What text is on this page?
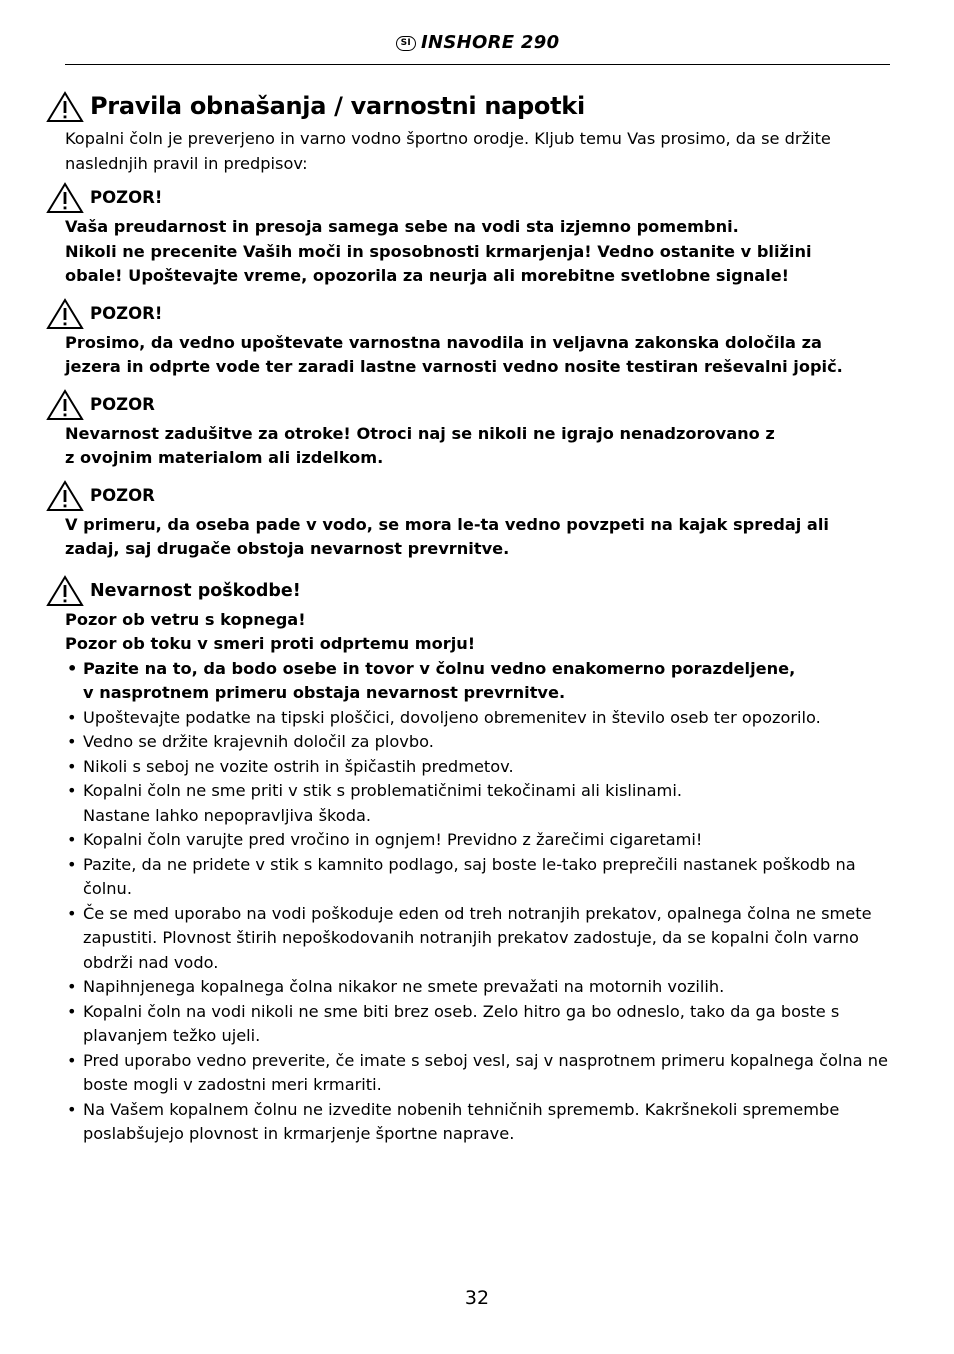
SI INSHORE 290
Pravila obnašanja / varnostni napotki

Kopalni čoln je preverjeno in varno vodno športno orodje. Kljub temu Vas prosimo, da se držite
naslednjih pravil in predpisov:

POZOR!

Vaša preudarnost in presoja samega sebe na vodi sta izjemno pomembni.
Nikoli ne precenite Vaših moči in sposobnosti krmarjenja! Vedno ostanite v bližini
obale! Upoštevajte vreme, opozorila za neurja ali morebitne svetlobne signale!

POZOR!

Prosimo, da vedno upoštevate varnostna navodila in veljavna zakonska določila za
jezera in odprte vode ter zaradi lastne varnosti vedno nosite testiran reševalni jopič.

POZOR

Nevarnost zadušitve za otroke! Otroci naj se nikoli ne igrajo nenadzorovano z
z ovojnim materialom ali izdelkom.

POZOR

V primeru, da oseba pade v vodo, se mora le-ta vedno povzpeti na kajak spredaj ali
zadaj, saj drugače obstoja nevarnost prevrnitve.

Nevarnost poškodbe!

Pozor ob vetru s kopnega!
Pozor ob toku v smeri proti odprtemu morju!

• Pazite na to, da bodo osebe in tovor v čolnu vedno enakomerno porazdeljene,
v nasprotnem primeru obstaja nevarnost prevrnitve.
• Upoštevajte podatke na tipski ploščici, dovoljeno obremenitev in število oseb ter opozorilo.
• Vedno se držite krajevnih določil za plovbo.
• Nikoli s seboj ne vozite ostrih in špičastih predmetov.
• Kopalni čoln ne sme priti v stik s problematičnimi tekočinami ali kislinami.
Nastane lahko nepopravljiva škoda.
• Kopalni čoln varujte pred vročino in ognjem! Previdno z žarečimi cigaretami!
• Pazite, da ne pridete v stik s kamnito podlago, saj boste le-tako preprečili nastanek poškodb na čolnu.
• Če se med uporabo na vodi poškoduje eden od treh notranjih prekatov, opalnega čolna ne smete
zapustiti. Plovnost štirih nepoškodovanih notranjih prekatov zadostuje, da se kopalni čoln varno
obdrži nad vodo.
• Napihnjenega kopalnega čolna nikakor ne smete prevažati na motornih vozilih.
• Kopalni čoln na vodi nikoli ne sme biti brez oseb. Zelo hitro ga bo odneslo, tako da ga boste s
plavanjem težko ujeli.
• Pred uporabo vedno preverite, če imate s seboj vesl, saj v nasprotnem primeru kopalnega čolna ne
boste mogli v zadostni meri krmariti.
• Na Vašem kopalnem čolnu ne izvedite nobenih tehničnih sprememb. Kakršnekoli spremembe
poslabšujejo plovnost in krmarjenje športne naprave.
32
